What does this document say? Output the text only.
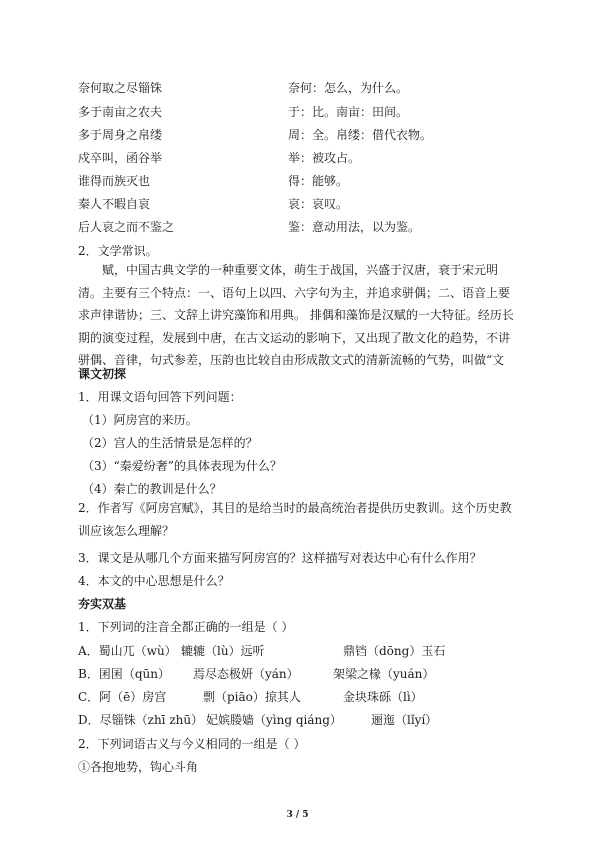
奈何取之尽锱铢	奈何：怎么，为什么。
多于南亩之农夫	于：比。南亩：田间。
多于周身之帛缕	周：全。帛缕：借代衣物。
戍卒叫，函谷举	举：被攻占。
谁得而族灭也	得：能够。
秦人不暇自哀	哀：哀叹。
后人哀之而不鉴之	鉴：意动用法，以为鉴。
2．文学常识。
赋，中国古典文学的一种重要文体，萌生于战国，兴盛于汉唐，衰于宋元明清。主要有三个特点：一、语句上以四、六字句为主，并追求骈偶；二、语音上要求声律谐协；三、文辞上讲究藻饰和用典。 排偶和藻饰是汉赋的一大特征。经历长期的演变过程，发展到中唐，在古文运动的影响下，又出现了散文化的趋势，不讲骈偶、音律，句式参差，压韵也比较自由形成散文式的清新流畅的气势，叫做“文
课文初探
1．用课文语句回答下列问题：
（1）阿房宫的来历。
（2）宫人的生活情景是怎样的？
（3）“秦爱纷奢”的具体表现为什么？
（4）秦亡的教训是什么？
2．作者写《阿房宫赋》，其目的是给当时的最高统治者提供历史教训。这个历史教训应该怎么理解？
3．课文是从哪几个方面来描写阿房宫的？这样描写对表达中心有什么作用？
4．本文的中心思想是什么？
夯实双基
1．下列词的注音全都正确的一组是（ ）
A．蜀山兀（wù） 辘辘（lù）远听	鼎铛（dōng）玉石
B．囷囷（qūn） 焉尽态极妍（yán）	架梁之椽（yuán）
C．阿（ē）房宫	剽（piāo）掠其人	金块珠砾（lì）
D．尽锱铢（zhī zhū） 妃嫔媵嫱（yìng qiáng） 逦迤（lǐyí）
2．下列词语古义与今义相同的一组是（ ）
①各抱地势，钩心斗角
3 / 5
